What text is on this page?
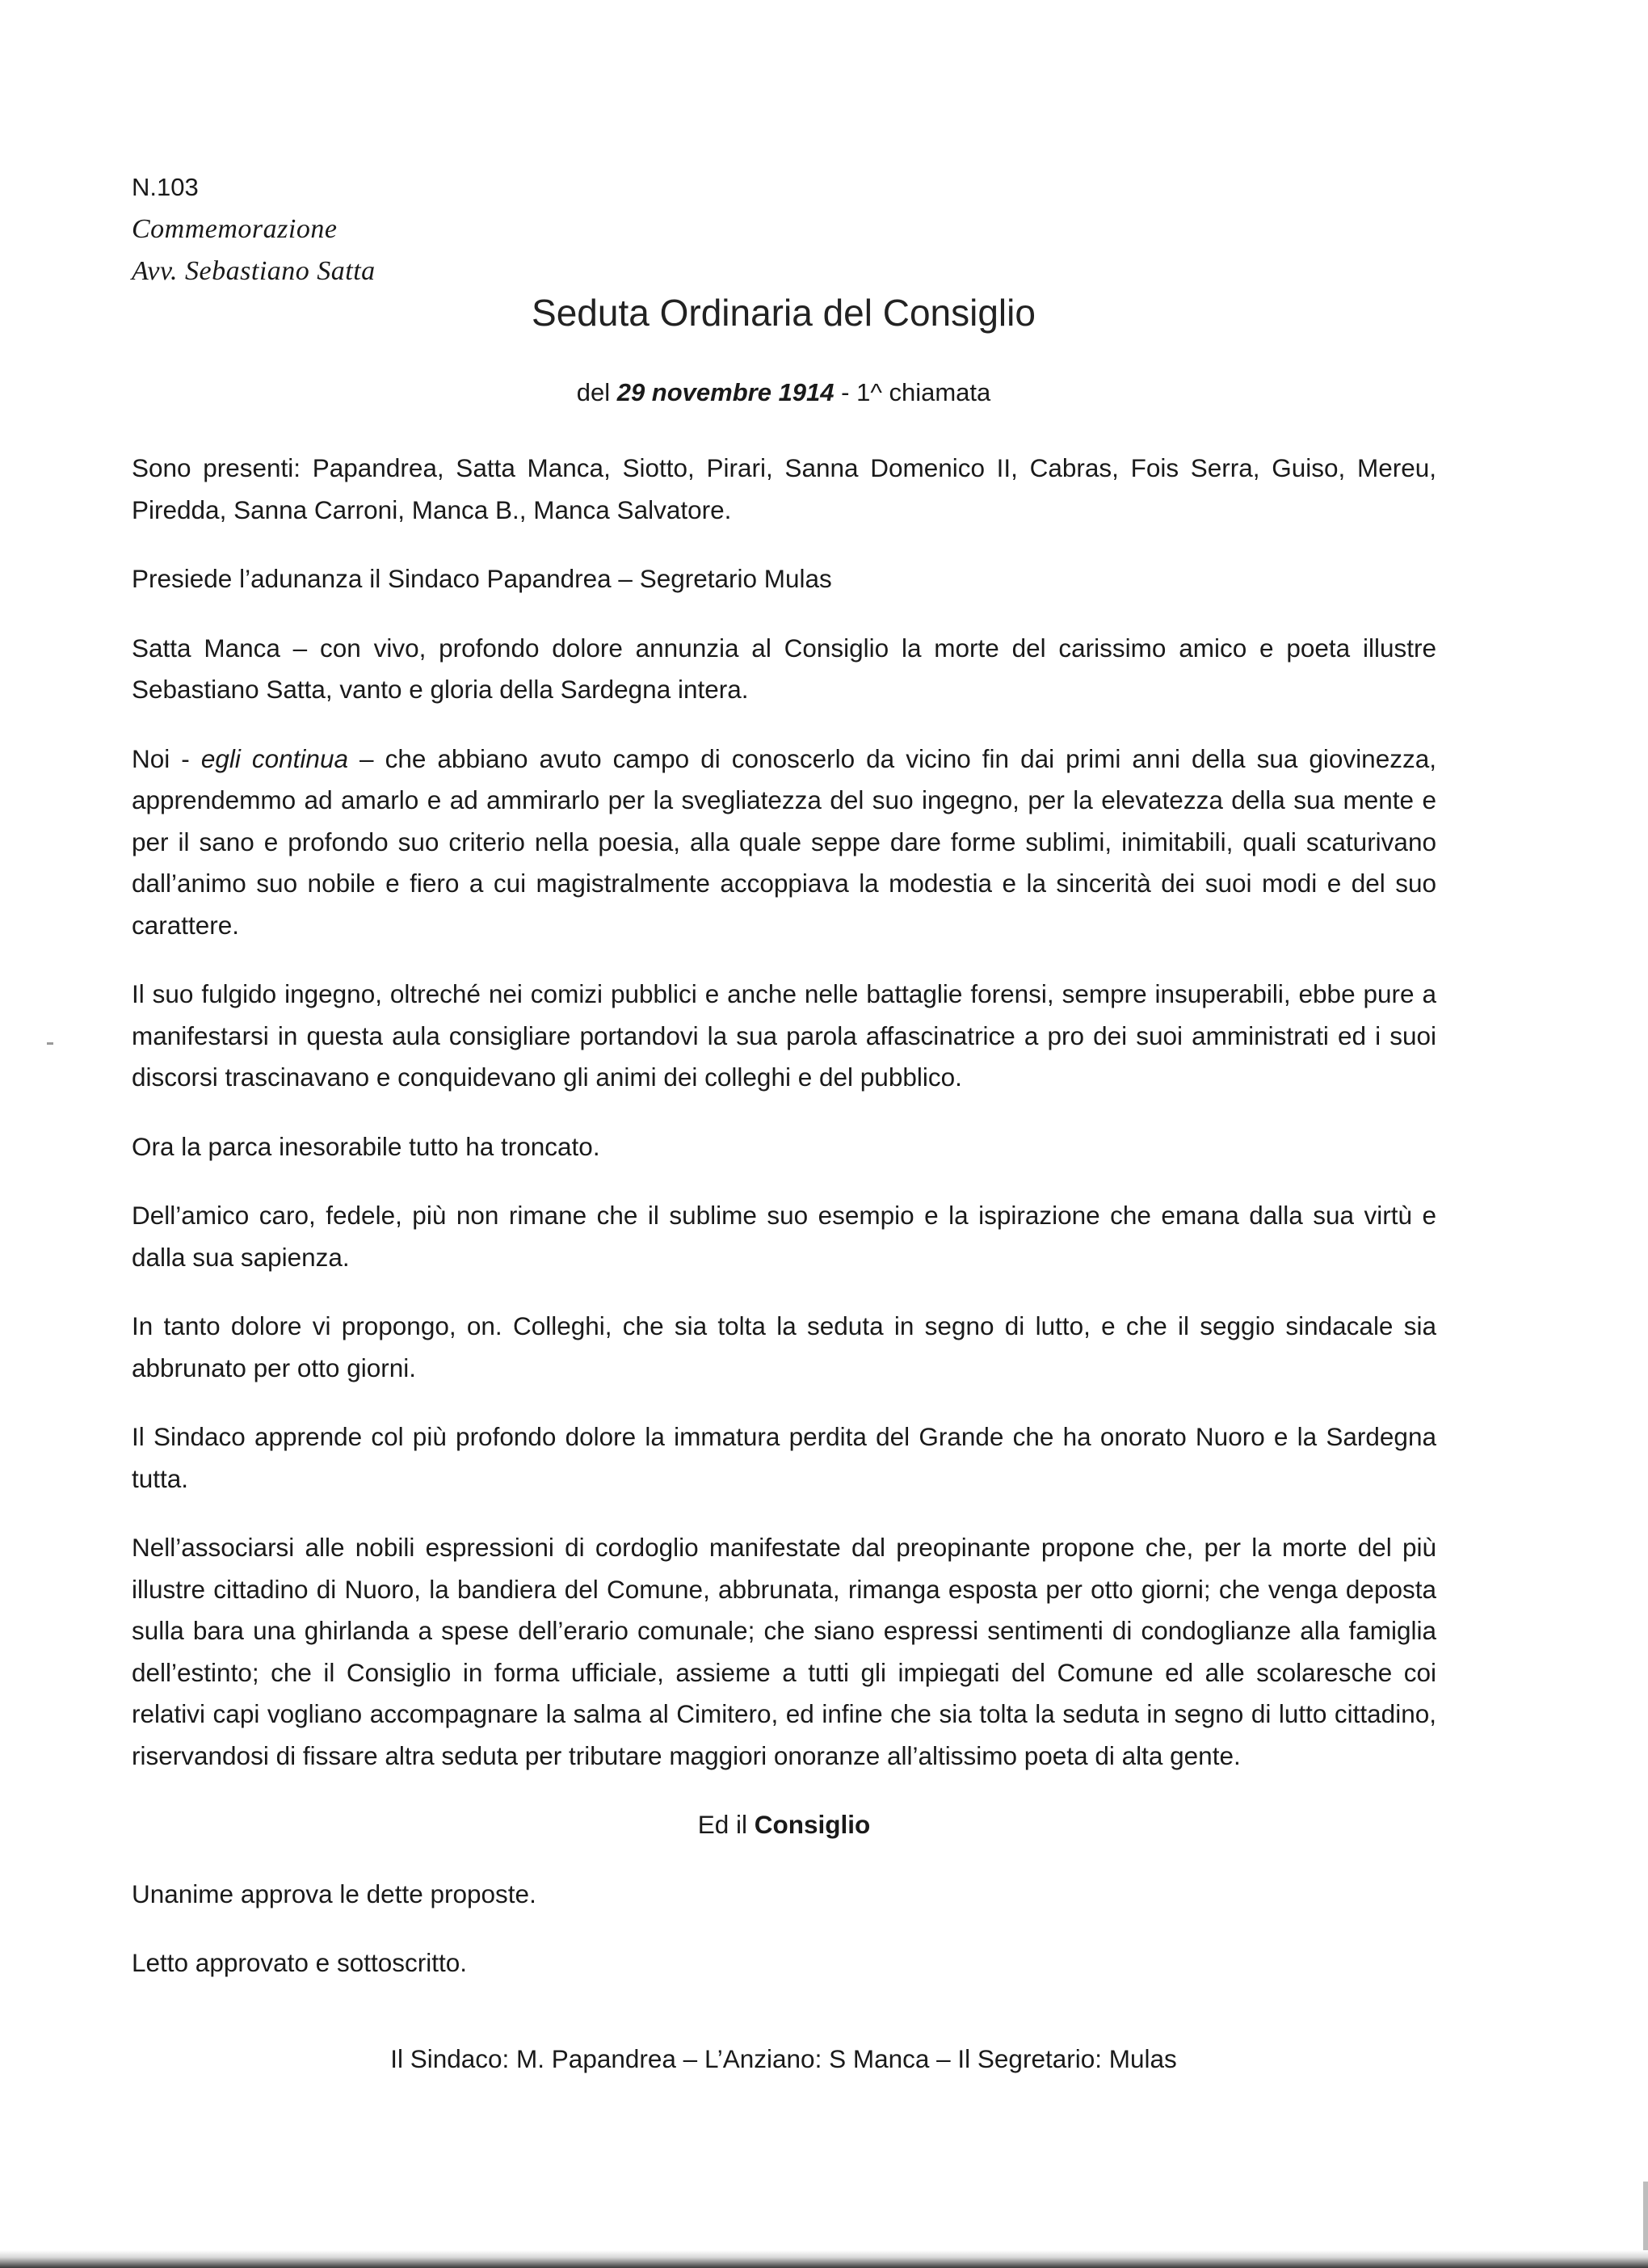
N.103
Commemorazione
Avv. Sebastiano Satta
Seduta Ordinaria del Consiglio
del 29 novembre 1914 - 1^ chiamata

Sono presenti: Papandrea, Satta Manca, Siotto, Pirari, Sanna Domenico II, Cabras, Fois Serra, Guiso, Mereu, Piredda, Sanna Carroni, Manca B., Manca Salvatore.

Presiede l’adunanza il Sindaco Papandrea – Segretario Mulas

Satta Manca – con vivo, profondo dolore annunzia al Consiglio la morte del carissimo amico e poeta illustre Sebastiano Satta, vanto e gloria della Sardegna intera.

Noi - egli continua – che abbiano avuto campo di conoscerlo da vicino fin dai primi anni della sua giovinezza, apprendemmo ad amarlo e ad ammirarlo per la svegliatezza del suo ingegno, per la elevatezza della sua mente e per il sano e profondo suo criterio nella poesia, alla quale seppe dare forme sublimi, inimitabili, quali scaturivano dall’animo suo nobile e fiero a cui magistralmente accoppiava la modestia e la sincerità dei suoi modi e del suo carattere.

Il suo fulgido ingegno, oltreché nei comizi pubblici e anche nelle battaglie forensi, sempre insuperabili, ebbe pure a manifestarsi in questa aula consigliare portandovi la sua parola affascinatrice a pro dei suoi amministrati ed i suoi discorsi trascinavano e conquidevano gli animi dei colleghi e del pubblico.

Ora la parca inesorabile tutto ha troncato.

Dell’amico caro, fedele, più non rimane che il sublime suo esempio e la ispirazione che emana dalla sua virtù e dalla sua sapienza.

In tanto dolore vi propongo, on. Colleghi, che sia tolta la seduta in segno di lutto, e che il seggio sindacale sia abbrunato per otto giorni.

Il Sindaco apprende col più profondo dolore la immatura perdita del Grande che ha onorato Nuoro e la Sardegna tutta.

Nell’associarsi alle nobili espressioni di cordoglio manifestate dal preopinante propone che, per la morte del più illustre cittadino di Nuoro, la bandiera del Comune, abbrunata, rimanga esposta per otto giorni; che venga deposta sulla bara una ghirlanda a spese dell’erario comunale; che siano espressi sentimenti di condoglianze alla famiglia dell’estinto; che il Consiglio in forma ufficiale, assieme a tutti gli impiegati del Comune ed alle scolaresche coi relativi capi vogliano accompagnare la salma al Cimitero, ed infine che sia tolta la seduta in segno di lutto cittadino, riservandosi di fissare altra seduta per tributare maggiori onoranze all’altissimo poeta di alta gente.

Ed il Consiglio

Unanime approva le dette proposte.

Letto approvato e sottoscritto.

Il Sindaco: M. Papandrea – L’Anziano: S Manca – Il Segretario: Mulas
